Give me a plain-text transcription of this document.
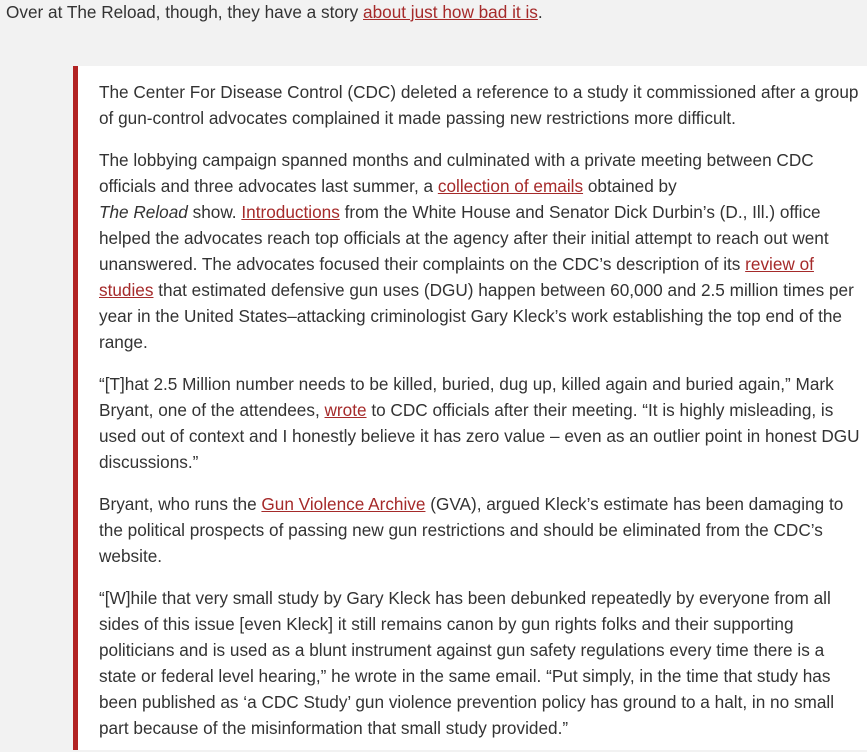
Over at The Reload, though, they have a story about just how bad it is.

The Center For Disease Control (CDC) deleted a reference to a study it commissioned after a group of gun-control advocates complained it made passing new restrictions more difficult.

The lobbying campaign spanned months and culminated with a private meeting between CDC officials and three advocates last summer, a collection of emails obtained by
The Reload show. Introductions from the White House and Senator Dick Durbin’s (D., Ill.) office helped the advocates reach top officials at the agency after their initial attempt to reach out went unanswered. The advocates focused their complaints on the CDC’s description of its review of studies that estimated defensive gun uses (DGU) happen between 60,000 and 2.5 million times per year in the United States–attacking criminologist Gary Kleck’s work establishing the top end of the range.

“[T]hat 2.5 Million number needs to be killed, buried, dug up, killed again and buried again,” Mark Bryant, one of the attendees, wrote to CDC officials after their meeting. “It is highly misleading, is used out of context and I honestly believe it has zero value – even as an outlier point in honest DGU discussions.”

Bryant, who runs the Gun Violence Archive (GVA), argued Kleck’s estimate has been damaging to the political prospects of passing new gun restrictions and should be eliminated from the CDC’s website.

“[W]hile that very small study by Gary Kleck has been debunked repeatedly by everyone from all sides of this issue [even Kleck] it still remains canon by gun rights folks and their supporting politicians and is used as a blunt instrument against gun safety regulations every time there is a state or federal level hearing,” he wrote in the same email. “Put simply, in the time that study has been published as ‘a CDC Study’ gun violence prevention policy has ground to a halt, in no small part because of the misinformation that small study provided.”
